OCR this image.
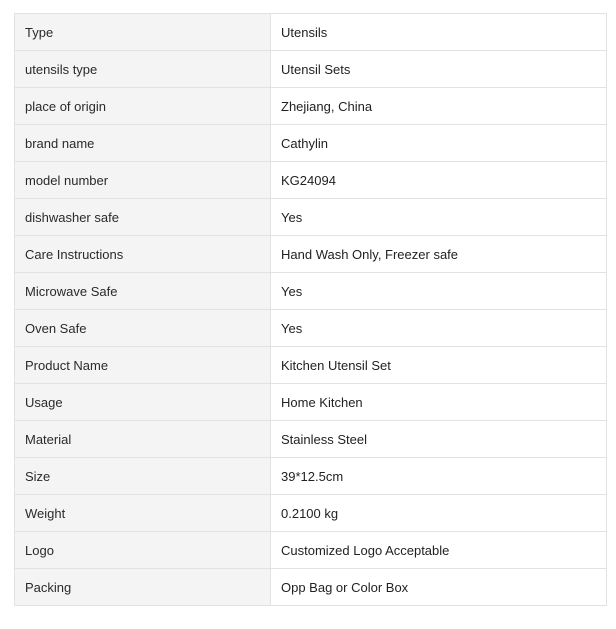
Type	Utensils
utensils type	Utensil Sets
place of origin	Zhejiang, China
brand name	Cathylin
model number	KG24094
dishwasher safe	Yes
Care Instructions	Hand Wash Only, Freezer safe
Microwave Safe	Yes
Oven Safe	Yes
Product Name	Kitchen Utensil Set
Usage	Home Kitchen
Material	Stainless Steel
Size	39*12.5cm
Weight	0.2100 kg
Logo	Customized Logo Acceptable
Packing	Opp Bag or Color Box
